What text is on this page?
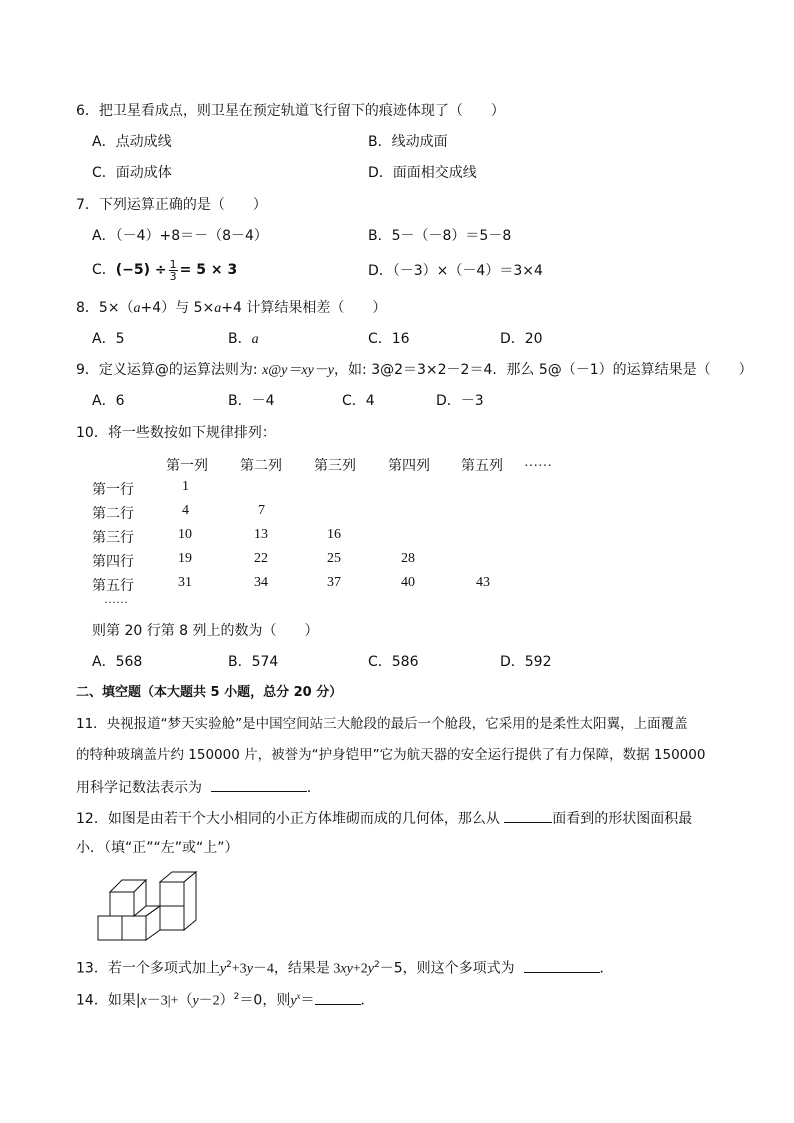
6．把卫星看成点，则卫星在预定轨道飞行留下的痕迹体现了（　　）
A．点动成线	B．线动成面
C．面动成体	D．面面相交成线
7．下列运算正确的是（　　）
A．（－4）+8＝－（8－4）	B．5－（－8）＝5－8
C．$(-5) \div \frac{1}{3} = 5 \times 3$	D．（－3）×（－4）＝3×4
8．5×（a+4）与 5×a+4 计算结果相差（　　）
A．5	B．a	C．16	D．20
9．定义运算@的运算法则为: x@y＝xy－y，如: 3@2＝3×2－2＝4．那么 5@（－1）的运算结果是（　　）
A．6	B．－4	C．4	D．－3
10．将一些数按如下规律排列：
第一列 第二列 第三列 第四列 第五列 ……
第一行	1
第二行	4	7
第三行	10	13	16
第四行	19	22	25	28
第五行	31	34	37	40	43
……
则第 20 行第 8 列上的数为（　　）
A．568	B．574	C．586	D．592
二、填空题（本大题共 5 小题，总分 20 分）
11．央视报道“梦天实验舱”是中国空间站三大舱段的最后一个舱段，它采用的是柔性太阳翼，上面覆盖
的特种玻璃盖片约 150000 片，被誉为“护身铠甲”它为航天器的安全运行提供了有力保障，数据 150000
用科学记数法表示为	．
12．如图是由若干个大小相同的小正方体堆砌而成的几何体，那么从	面看到的形状图面积最
小．（填“正”“左”或“上”）
13．若一个多项式加上$y^2+3y-4$，结果是 $3xy+2y^2-5$，则这个多项式为	．
14．如果$|x-3|+(y-2)^2=0$，则$y^x=$	．
